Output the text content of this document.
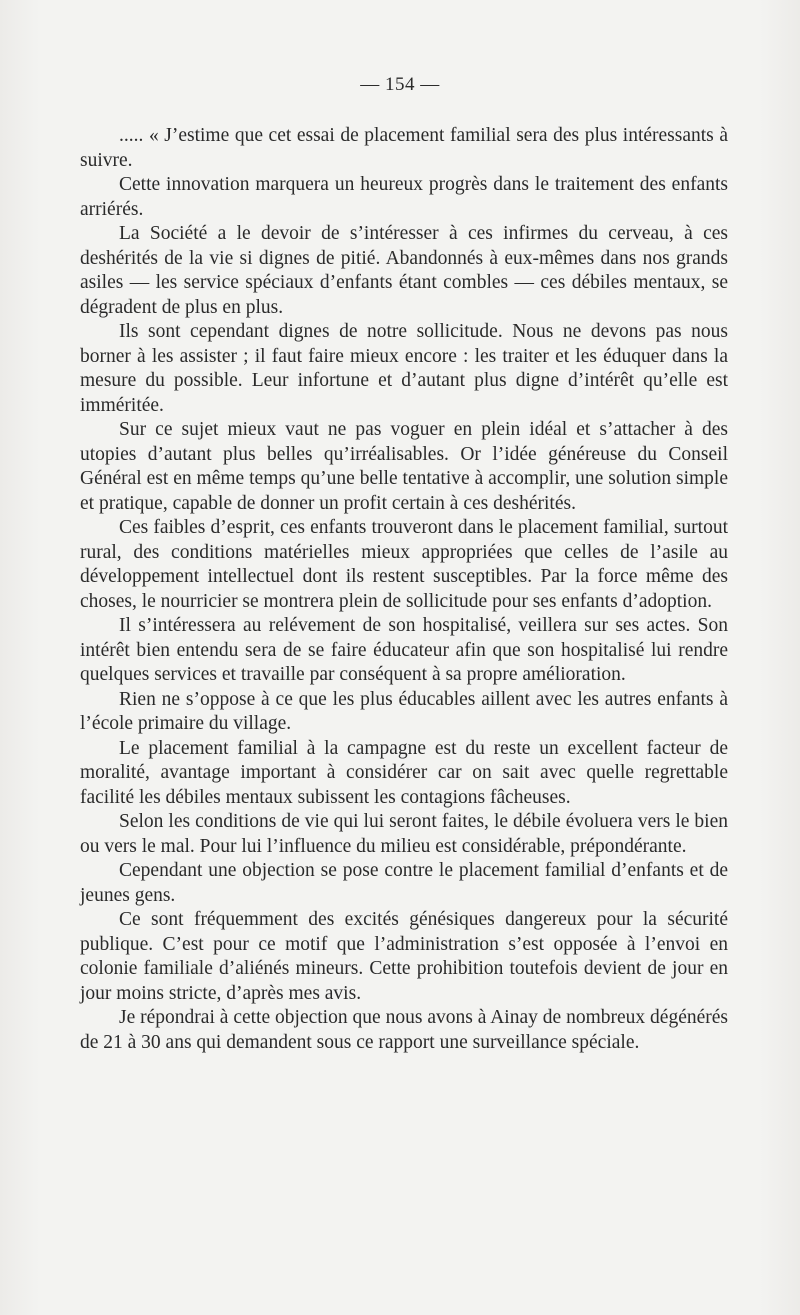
— 154 —

..... « J’estime que cet essai de placement familial sera des plus intéressants à suivre.

Cette innovation marquera un heureux progrès dans le traitement des enfants arriérés.

La Société a le devoir de s’intéresser à ces infirmes du cerveau, à ces deshérités de la vie si dignes de pitié. Abandonnés à eux-mêmes dans nos grands asiles — les service spéciaux d’enfants étant combles — ces débiles mentaux, se dégradent de plus en plus.

Ils sont cependant dignes de notre sollicitude. Nous ne devons pas nous borner à les assister ; il faut faire mieux encore : les traiter et les éduquer dans la mesure du possible. Leur infortune et d’autant plus digne d’intérêt qu’elle est imméritée.

Sur ce sujet mieux vaut ne pas voguer en plein idéal et s’attacher à des utopies d’autant plus belles qu’irréalisables. Or l’idée généreuse du Conseil Général est en même temps qu’une belle tentative à accomplir, une solution simple et pratique, capable de donner un profit certain à ces deshérités.

Ces faibles d’esprit, ces enfants trouveront dans le placement familial, surtout rural, des conditions matérielles mieux appropriées que celles de l’asile au développement intellectuel dont ils restent susceptibles. Par la force même des choses, le nourricier se montrera plein de sollicitude pour ses enfants d’adoption.

Il s’intéressera au relévement de son hospitalisé, veillera sur ses actes. Son intérêt bien entendu sera de se faire éducateur afin que son hospitalisé lui rendre quelques services et travaille par conséquent à sa propre amélioration.

Rien ne s’oppose à ce que les plus éducables aillent avec les autres enfants à l’école primaire du village.

Le placement familial à la campagne est du reste un excellent facteur de moralité, avantage important à considérer car on sait avec quelle regrettable facilité les débiles mentaux subissent les contagions fâcheuses.

Selon les conditions de vie qui lui seront faites, le débile évoluera vers le bien ou vers le mal. Pour lui l’influence du milieu est considérable, prépondérante.

Cependant une objection se pose contre le placement familial d’enfants et de jeunes gens.

Ce sont fréquemment des excités génésiques dangereux pour la sécurité publique. C’est pour ce motif que l’administration s’est opposée à l’envoi en colonie familiale d’aliénés mineurs. Cette prohibition toutefois devient de jour en jour moins stricte, d’après mes avis.

Je répondrai à cette objection que nous avons à Ainay de nombreux dégénérés de 21 à 30 ans qui demandent sous ce rapport une surveillance spéciale.
